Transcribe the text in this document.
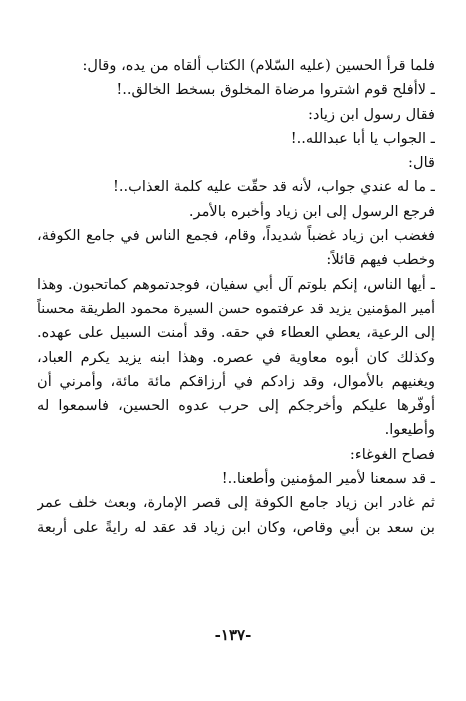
فلما قرأ الحسين (عليه السّلام) الكتاب ألقاه من يده، وقال:
ـ لاأفلح قوم اشتروا مرضاة المخلوق بسخط الخالق..!
فقال رسول ابن زياد:
ـ الجواب يا أبا عبدالله..!
قال:
ـ ما له عندي جواب، لأنه قد حقّت عليه كلمة العذاب..!
فرجع الرسول إلى ابن زياد وأخبره بالأمر.
فغضب ابن زياد غضباً شديداً، وقام، فجمع الناس في جامع الكوفة،
وخطب فيهم قائلاً:
ـ أيها الناس، إنكم بلوتم آل أبي سفيان، فوجدتموهم كماتحبون. وهذا
أمير المؤمنين يزيد قد عرفتموه حسن السيرة محمود الطريقة محسناً
إلى الرعية، يعطي العطاء في حقه. وقد أمنت السبيل على عهده.
وكذلك كان أبوه معاوية في عصره. وهذا ابنه يزيد يكرم العباد،
ويغنيهم بالأموال، وقد زادكم في أرزاقكم مائة مائة، وأمرني أن
أوفّرها عليكم وأخرجكم إلى حرب عدوه الحسين، فاسمعوا له
وأطيعوا.
فصاح الغوغاء:
ـ قد سمعنا لأمير المؤمنين وأطعنا..!
ثم غادر ابن زياد جامع الكوفة إلى قصر الإمارة، وبعث خلف عمر
بن سعد بن أبي وقاص، وكان ابن زياد قد عقد له رايةً على أربعة
-١٣٧-
